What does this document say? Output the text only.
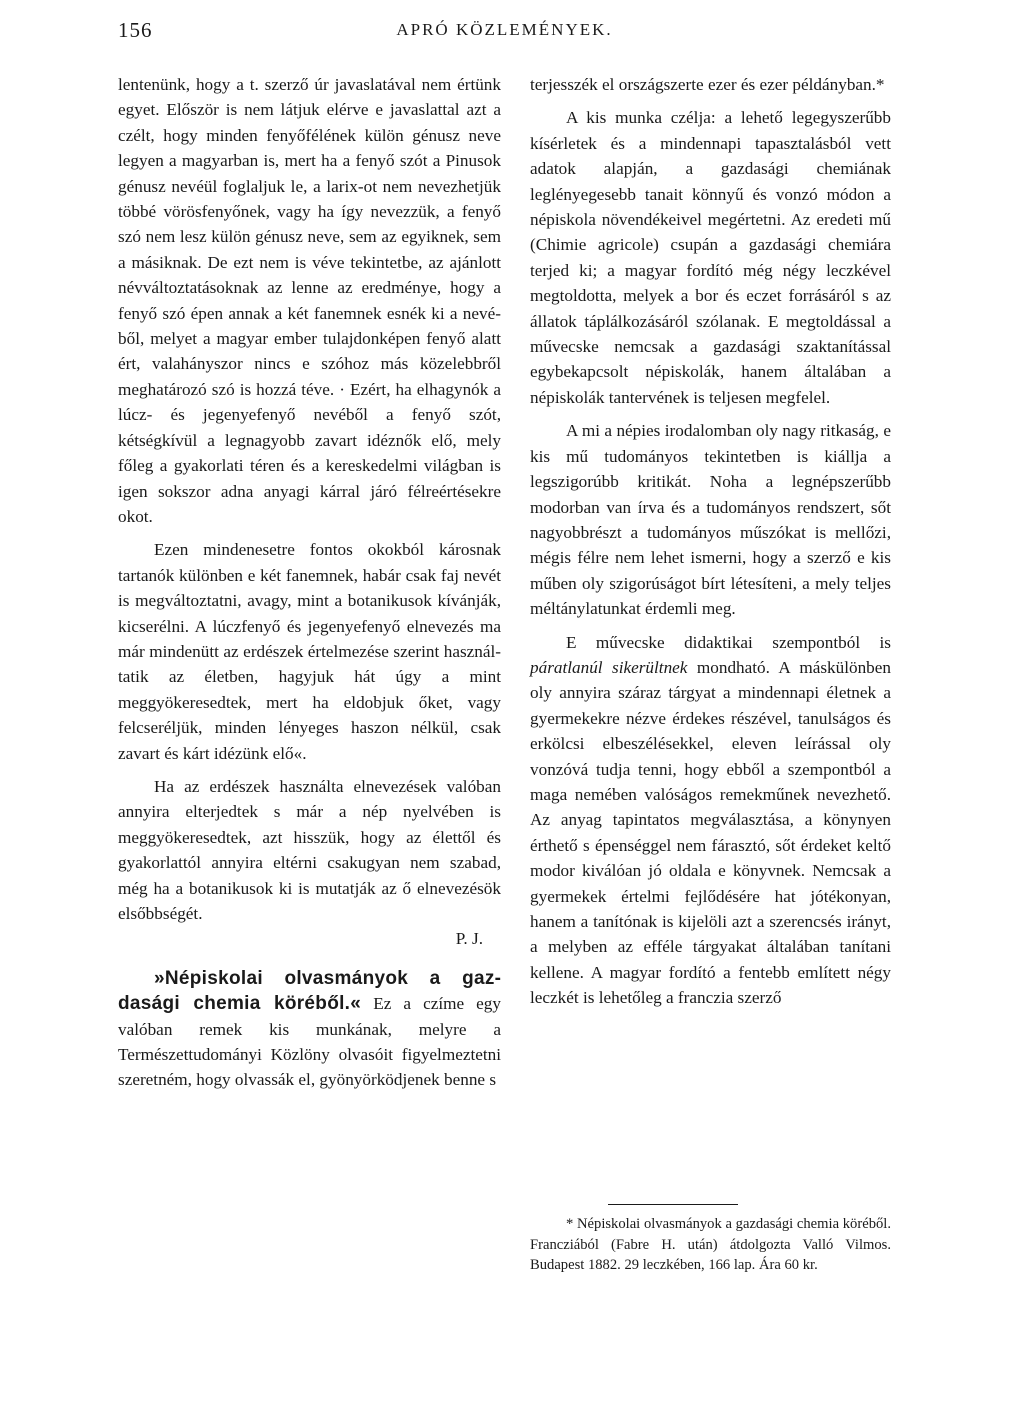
156	APRÓ KÖZLEMÉNYEK.

lentenünk, hogy a t. szerző úr javaslatával nem értünk egyet. Először is nem látjuk elérve e javaslattal azt a czélt, hogy minden fenyőfélének külön génusz neve legyen a magyarban is, mert ha a fenyő szót a Pinusok génusz nevéül foglaljuk le, a larix-ot nem nevezhetjük többé vörösfenyőnek, vagy ha így nevezzük, a fenyő szó nem lesz külön génusz neve, sem az egyiknek, sem a másiknak. De ezt nem is véve tekintetbe, az ajánlott névváltoztatásoknak az lenne az eredménye, hogy a fenyő szó épen annak a két fanemnek esnék ki a nevéből, melyet a magyar ember tulajdonképen fenyő alatt ért, valahányszor nincs e szóhoz más közelebbről meghatározó szó is hozzá téve. · Ezért, ha elhagynók a lúcz- és jegenyefenyő nevéből a fenyő szót, kétségkívül a legnagyobb zavart idéznők elő, mely főleg a gyakorlati téren és a kereskedelmi világban is igen sokszor adna anyagi kárral járó félreértésekre okot.

Ezen mindenesetre fontos okokból károsnak tartanók különben e két fanemnek, habár csak faj nevét is megváltoztatni, avagy, mint a botanikusok kívánják, kicserélni. A lúczfenyő és jegenyefenyő elnevezés ma már mindenütt az erdészek értelmezése szerint használtatik az életben, hagyjuk hát úgy a mint meggyökeresedtek, mert ha eldobjuk őket, vagy felcseréljük, minden lényeges haszon nélkül, csak zavart és kárt idézünk elő«.

Ha az erdészek használta elnevezések valóban annyira elterjedtek s már a nép nyelvében is meggyökeresedtek, azt hisszük, hogy az élettől és gyakorlattól annyira eltérni csakugyan nem szabad, még ha a botanikusok ki is mutatják az ő elnevezésök elsőbbségét.

P. J.

»Népiskolai olvasmányok a gazdasági chemia köréből.« Ez a czíme egy valóban remek kis munkának, melyre a Természettudományi Közlöny olvasóit figyelmeztetni szeretném, hogy olvassák el, gyönyörködjenek benne s

terjesszék el országszerte ezer és ezer példányban.*

A kis munka czélja: a lehető legegyszerűbb kísérletek és a mindennapi tapasztalásból vett adatok alapján, a gazdasági chemiának leglényegesebb tanait könnyű és vonzó módon a népiskola növendékeivel megértetni. Az eredeti mű (Chimie agricole) csupán a gazdasági chemiára terjed ki; a magyar fordító még négy leczkével megtoldotta, melyek a bor és eczet forrásáról s az állatok táplálkozásáról szólanak. E megtoldással a művecske nemcsak a gazdasági szaktanítással egybekapcsolt népiskolák, hanem általában a népiskolák tantervének is teljesen megfelel.

A mi a népies irodalomban oly nagy ritkaság, e kis mű tudományos tekintetben is kiállja a legszigorúbb kritikát. Noha a legnépszerűbb modorban van írva és a tudományos rendszert, sőt nagyobbrészt a tudományos műszókat is mellőzi, mégis félre nem lehet ismerni, hogy a szerző e kis műben oly szigorúságot bírt létesíteni, a mely teljes méltánylatunkat érdemli meg.

E művecske didaktikai szempontból is páratlanúl sikerültnek mondható. A máskülönben oly annyira száraz tárgyat a mindennapi életnek a gyermekekre nézve érdekes részével, tanulságos és erkölcsi elbeszélésekkel, eleven leírással oly vonzóvá tudja tenni, hogy ebből a szempontból a maga nemében valóságos remekműnek nevezhető. Az anyag tapintatos megválasztása, a könynyen érthető s épenséggel nem fárasztó, sőt érdeket keltő modor kiválóan jó oldala e könyvnek. Nemcsak a gyermekek értelmi fejlődésére hat jótékonyan, hanem a tanítónak is kijelöli azt a szerencsés irányt, a melyben az efféle tárgyakat általában tanítani kellene. A magyar fordító a fentebb említett négy leczkét is lehetőleg a franczia szerző

* Népiskolai olvasmányok a gazdasági chemia köréből. Francziából (Fabre H. után) átdolgozta Valló Vilmos. Budapest 1882. 29 leczkében, 166 lap. Ára 60 kr.
